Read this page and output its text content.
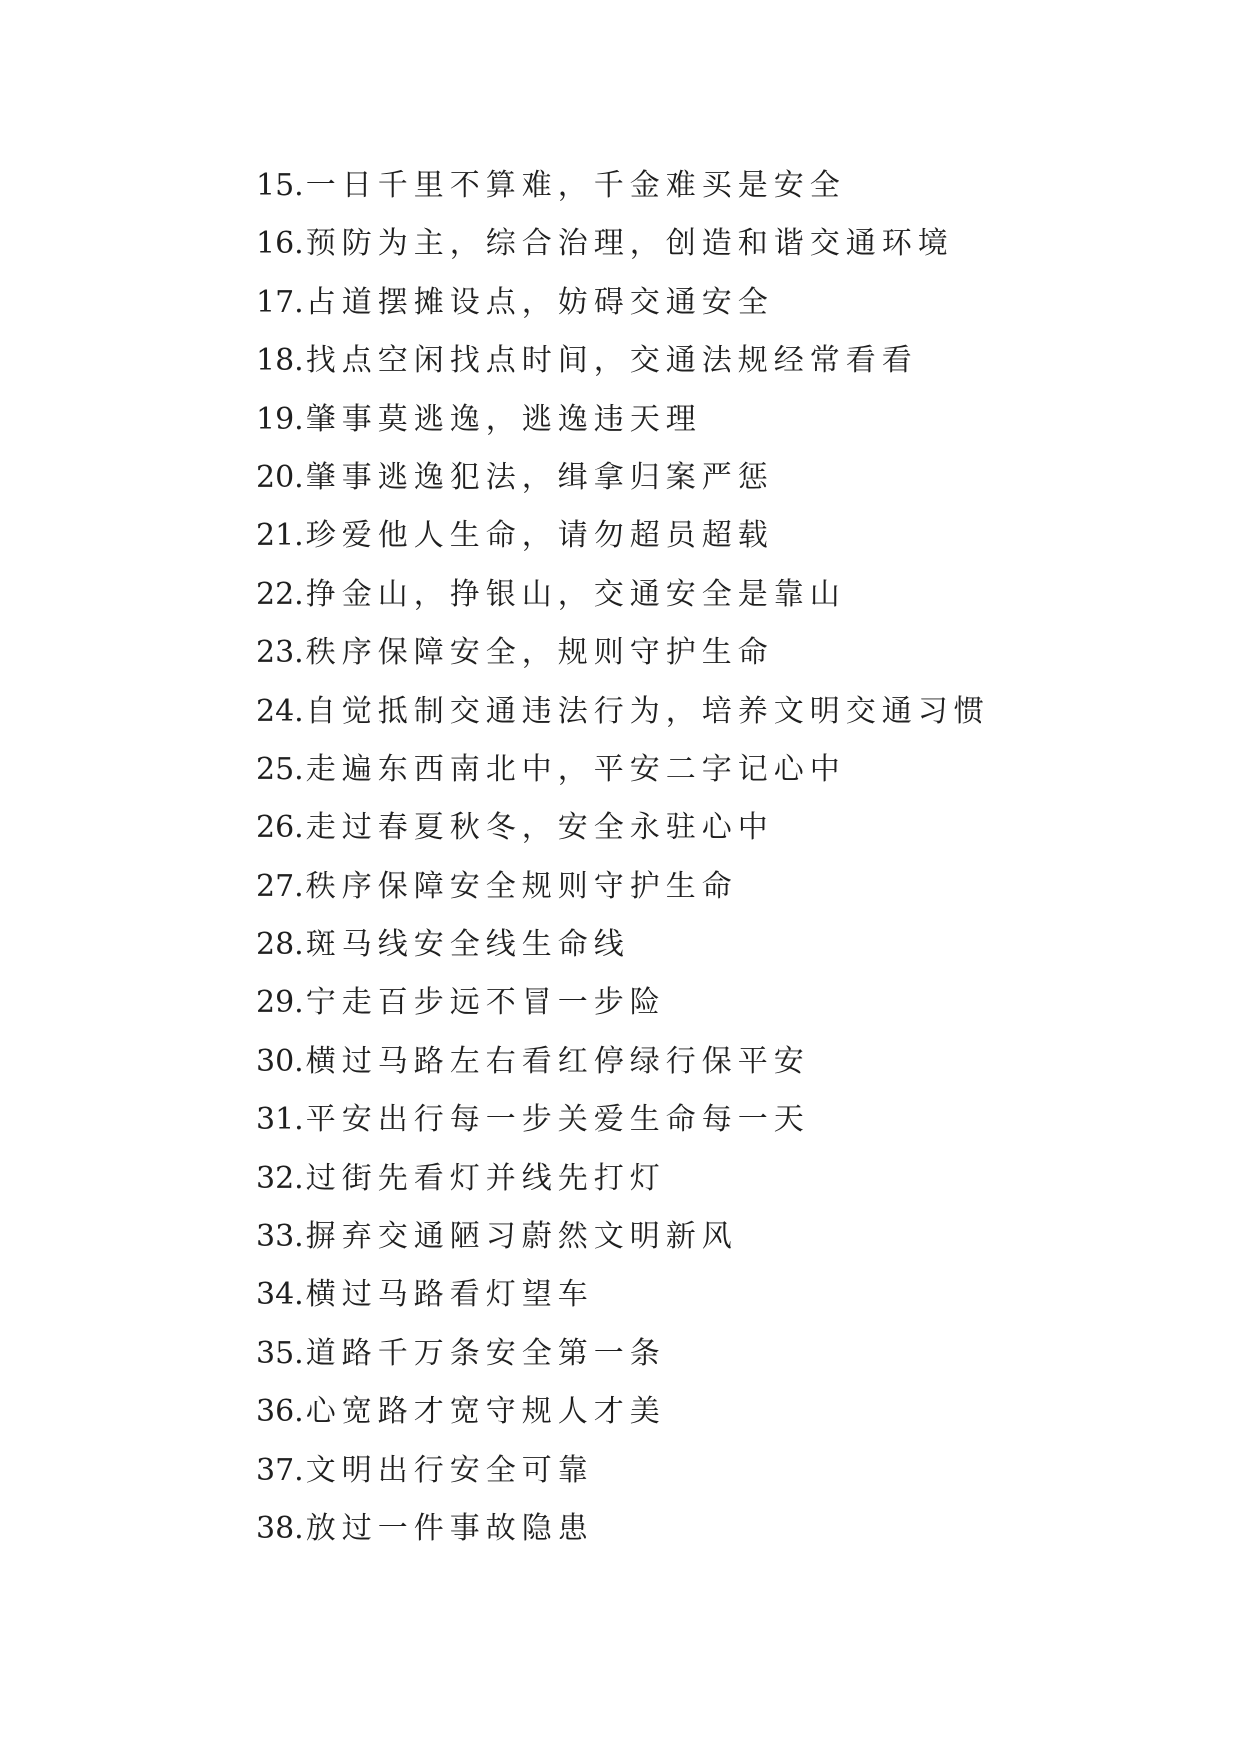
15.一日千里不算难，千金难买是安全
16.预防为主，综合治理，创造和谐交通环境
17.占道摆摊设点，妨碍交通安全
18.找点空闲找点时间，交通法规经常看看
19.肇事莫逃逸，逃逸违天理
20.肇事逃逸犯法，缉拿归案严惩
21.珍爱他人生命，请勿超员超载
22.挣金山，挣银山，交通安全是靠山
23.秩序保障安全，规则守护生命
24.自觉抵制交通违法行为，培养文明交通习惯
25.走遍东西南北中，平安二字记心中
26.走过春夏秋冬，安全永驻心中
27.秩序保障安全规则守护生命
28.斑马线安全线生命线
29.宁走百步远不冒一步险
30.横过马路左右看红停绿行保平安
31.平安出行每一步关爱生命每一天
32.过街先看灯并线先打灯
33.摒弃交通陋习蔚然文明新风
34.横过马路看灯望车
35.道路千万条安全第一条
36.心宽路才宽守规人才美
37.文明出行安全可靠
38.放过一件事故隐患
